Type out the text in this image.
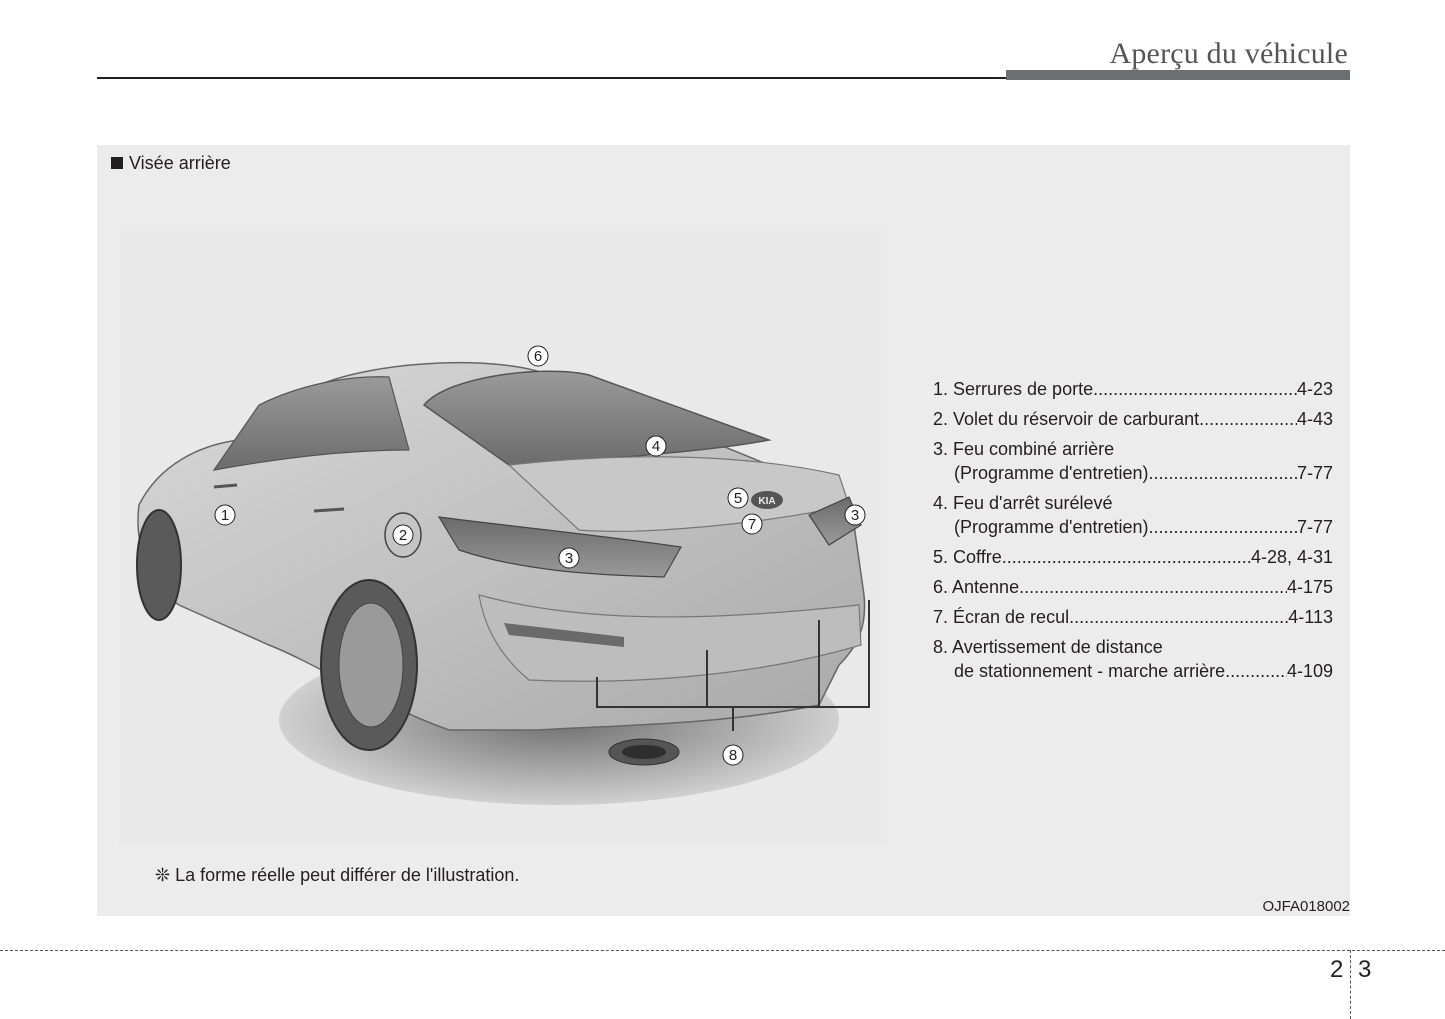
Aperçu du véhicule
Visée arrière
KIA
1
2
3
3
4
5
6
7
8
1. Serrures de porte .....	4-23
2. Volet du réservoir de carburant .....	4-43
3. Feu combiné arrière
(Programme d'entretien) .....	7-77
4. Feu d'arrêt surélevé
(Programme d'entretien) .....	7-77
5. Coffre .....	4-28, 4-31
6. Antenne .....	4-175
7. Écran de recul .....	4-113
8. Avertissement de distance
de stationnement - marche arrière .....	4-109
❊ La forme réelle peut différer de l'illustration.
OJFA018002
2 3
